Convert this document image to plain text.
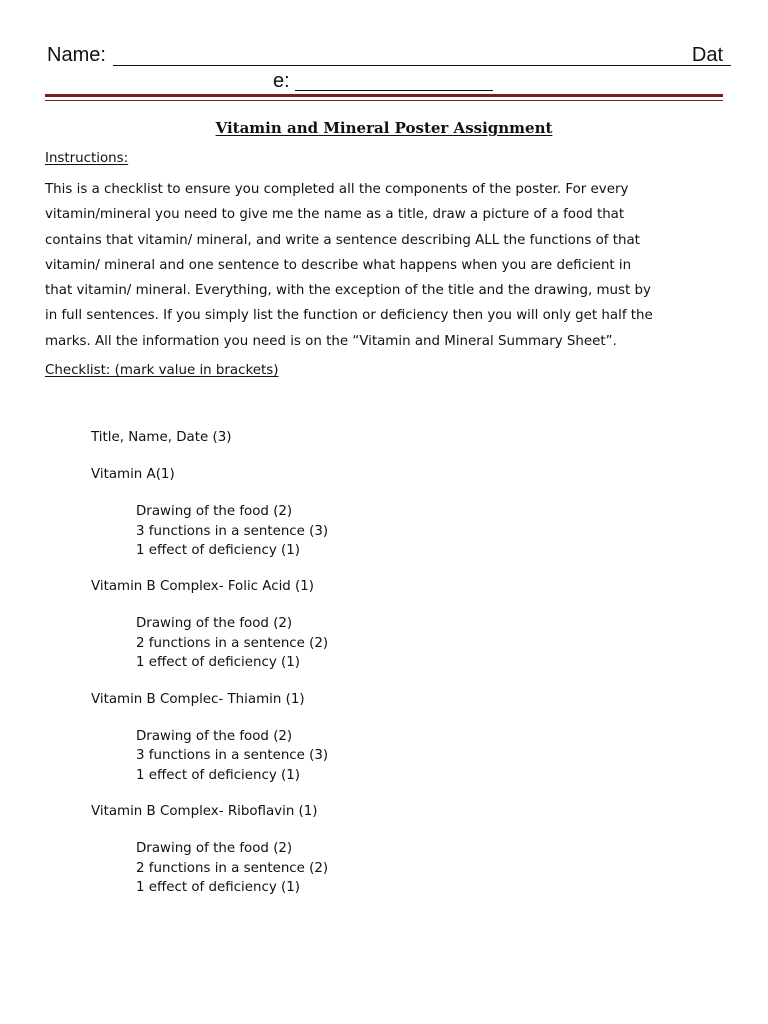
Name:	Dat
e:
Vitamin and Mineral Poster Assignment
Instructions:
This is a checklist to ensure you completed all the components of the poster. For every
vitamin/mineral you need to give me the name as a title, draw a picture of a food that
contains that vitamin/ mineral, and write a sentence describing ALL the functions of that
vitamin/ mineral and one sentence to describe what happens when you are deficient in
that vitamin/ mineral. Everything, with the exception of the title and the drawing, must by
in full sentences. If you simply list the function or deficiency then you will only get half the
marks. All the information you need is on the “Vitamin and Mineral Summary Sheet”.
Checklist: (mark value in brackets)
Title, Name, Date (3)
Vitamin A(1)
Drawing of the food (2)
3 functions in a sentence (3)
1 effect of deficiency (1)
Vitamin B Complex- Folic Acid (1)
Drawing of the food (2)
2 functions in a sentence (2)
1 effect of deficiency (1)
Vitamin B Complec- Thiamin (1)
Drawing of the food (2)
3 functions in a sentence (3)
1 effect of deficiency (1)
Vitamin B Complex- Riboflavin (1)
Drawing of the food (2)
2 functions in a sentence (2)
1 effect of deficiency (1)
